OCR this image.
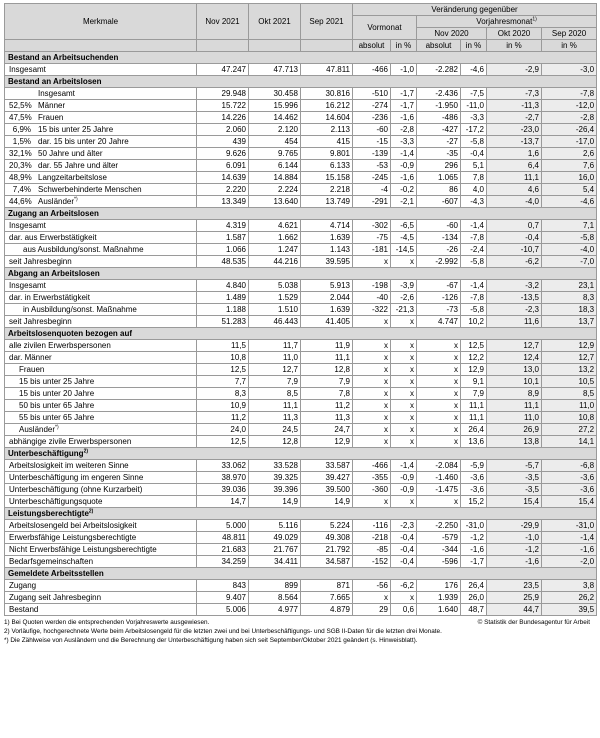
Merkmale	Nov 2021	Okt 2021	Sep 2021	Veränderung gegenüber					
				Vormonat		Vorjahresmonat$^{1)}$
						Nov 2020		Okt 2020	Sep 2020
				absolut	in %	absolut	in %	in %	in %
Bestand an Arbeitsuchenden									
Insgesamt	47.247	47.713	47.811	-466	-1,0	-2.282	-4,6	-2,9	-3,0
Bestand an Arbeitslosen									
Insgesamt	29.948	30.458	30.816	-510	-1,7	-2.436	-7,5	-7,3	-7,8
52,5% Männer	15.722	15.996	16.212	-274	-1,7	-1.950	-11,0	-11,3	-12,0
47,5% Frauen	14.226	14.462	14.604	-236	-1,6	-486	-3,3	-2,7	-2,8
6,9% 15 bis unter 25 Jahre	2.060	2.120	2.113	-60	-2,8	-427	-17,2	-23,0	-26,4
1,5% dar. 15 bis unter 20 Jahre	439	454	415	-15	-3,3	-27	-5,8	-13,7	-17,0
32,1% 50 Jahre und älter	9.626	9.765	9.801	-139	-1,4	-35	-0,4	1,6	2,6
20,3% dar. 55 Jahre und älter	6.091	6.144	6.133	-53	-0,9	296	5,1	6,4	7,6
48,9% Langzeitarbeitslose	14.639	14.884	15.158	-245	-1,6	1.065	7,8	11,1	16,0
7,4% Schwerbehinderte Menschen	2.220	2.224	2.218	-4	-0,2	86	4,0	4,6	5,4
44,6% Ausländer*)	13.349	13.640	13.749	-291	-2,1	-607	-4,3	-4,0	-4,6
Zugang an Arbeitslosen									
Insgesamt	4.319	4.621	4.714	-302	-6,5	-60	-1,4	0,7	7,1
dar. aus Erwerbstätigkeit	1.587	1.662	1.639	-75	-4,5	-134	-7,8	-0,4	-5,8
aus Ausbildung/sonst. Maßnahme	1.066	1.247	1.143	-181	-14,5	-26	-2,4	-10,7	-4,0
seit Jahresbeginn	48.535	44.216	39.595	x	x	-2.992	-5,8	-6,2	-7,0
Abgang an Arbeitslosen									
Insgesamt	4.840	5.038	5.913	-198	-3,9	-67	-1,4	-3,2	23,1
dar. in Erwerbstätigkeit	1.489	1.529	2.044	-40	-2,6	-126	-7,8	-13,5	8,3
in Ausbildung/sonst. Maßnahme	1.188	1.510	1.639	-322	-21,3	-73	-5,8	-2,3	18,3
seit Jahresbeginn	51.283	46.443	41.405	x	x	4.747	10,2	11,6	13,7
Arbeitslosenquoten bezogen auf									
alle zivilen Erwerbspersonen	11,5	11,7	11,9	x	x	x	12,5	12,7	12,9
dar. Männer	10,8	11,0	11,1	x	x	x	12,2	12,4	12,7
Frauen	12,5	12,7	12,8	x	x	x	12,9	13,0	13,2
15 bis unter 25 Jahre	7,7	7,9	7,9	x	x	x	9,1	10,1	10,5
15 bis unter 20 Jahre	8,3	8,5	7,8	x	x	x	7,9	8,9	8,5
50 bis unter 65 Jahre	10,9	11,1	11,2	x	x	x	11,1	11,1	11,0
55 bis unter 65 Jahre	11,2	11,3	11,3	x	x	x	11,1	11,0	10,8
Ausländer*)	24,0	24,5	24,7	x	x	x	26,4	26,9	27,2
abhängige zivile Erwerbspersonen	12,5	12,8	12,9	x	x	x	13,6	13,8	14,1
Unterbeschäftigung$^{2)}$
Arbeitslosigkeit im weiteren Sinne	33.062	33.528	33.587	-466	-1,4	-2.084	-5,9	-5,7	-6,8
Unterbeschäftigung im engeren Sinne	38.970	39.325	39.427	-355	-0,9	-1.460	-3,6	-3,5	-3,6
Unterbeschäftigung (ohne Kurzarbeit)	39.036	39.396	39.500	-360	-0,9	-1.475	-3,6	-3,5	-3,6
Unterbeschäftigungsquote	14,7	14,9	14,9	x	x	x	15,2	15,4	15,4
Leistungsberechtigte$^{2)}$
Arbeitslosengeld bei Arbeitslosigkeit	5.000	5.116	5.224	-116	-2,3	-2.250	-31,0	-29,9	-31,0
Erwerbsfähige Leistungsberechtigte	48.811	49.029	49.308	-218	-0,4	-579	-1,2	-1,0	-1,4
Nicht Erwerbsfähige Leistungsberechtigte	21.683	21.767	21.792	-85	-0,4	-344	-1,6	-1,2	-1,6
Bedarfsgemeinschaften	34.259	34.411	34.587	-152	-0,4	-596	-1,7	-1,6	-2,0
Gemeldete Arbeitsstellen									
Zugang	843	899	871	-56	-6,2	176	26,4	23,5	3,8
Zugang seit Jahresbeginn	9.407	8.564	7.665	x	x	1.939	26,0	25,9	26,2
Bestand	5.006	4.977	4.879	29	0,6	1.640	48,7	44,7	39,5
1) Bei Quoten werden die entsprechenden Vorjahreswerte ausgewiesen.	© Statistik der Bundesagentur für Arbeit
2) Vorläufige, hochgerechnete Werte beim Arbeitslosengeld für die letzten zwei und bei Unterbeschäftigungs- und SGB II-Daten für die letzten drei Monate.
*) Die Zählweise von Ausländern und die Berechnung der Unterbeschäftigung haben sich seit September/Oktober 2021 geändert (s. Hinweisblatt).
